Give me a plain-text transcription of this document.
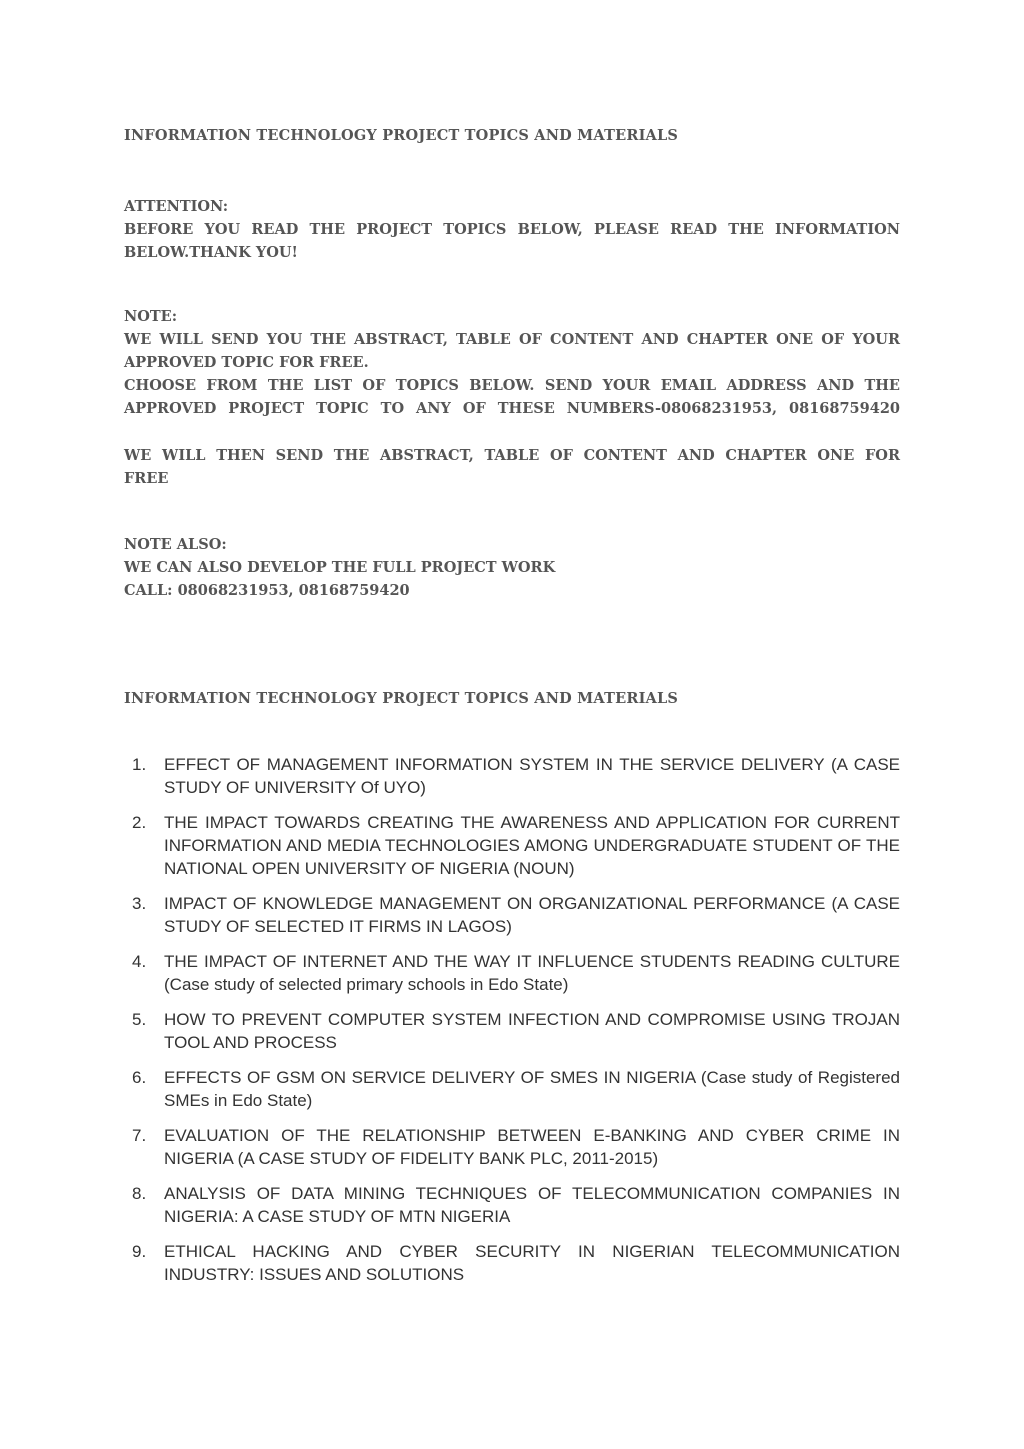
INFORMATION TECHNOLOGY PROJECT TOPICS AND MATERIALS
ATTENTION:
BEFORE YOU READ THE PROJECT TOPICS BELOW, PLEASE READ THE INFORMATION
BELOW.THANK YOU!
NOTE:
WE WILL SEND YOU THE ABSTRACT, TABLE OF CONTENT AND CHAPTER ONE OF YOUR
APPROVED TOPIC FOR FREE.
CHOOSE FROM THE LIST OF TOPICS BELOW. SEND YOUR EMAIL ADDRESS AND THE
APPROVED PROJECT TOPIC TO ANY OF THESE NUMBERS-08068231953, 08168759420
WE WILL THEN SEND THE ABSTRACT, TABLE OF CONTENT AND CHAPTER ONE FOR
FREE
NOTE ALSO:
WE CAN ALSO DEVELOP THE FULL PROJECT WORK
CALL: 08068231953, 08168759420
INFORMATION TECHNOLOGY PROJECT TOPICS AND MATERIALS
1.	EFFECT OF MANAGEMENT INFORMATION SYSTEM IN THE SERVICE DELIVERY (A CASE STUDY OF UNIVERSITY Of UYO)
2.	THE IMPACT TOWARDS CREATING THE AWARENESS AND APPLICATION FOR CURRENT INFORMATION AND MEDIA TECHNOLOGIES AMONG UNDERGRADUATE STUDENT OF THE NATIONAL OPEN UNIVERSITY OF NIGERIA (NOUN)
3.	IMPACT OF KNOWLEDGE MANAGEMENT ON ORGANIZATIONAL PERFORMANCE (A CASE STUDY OF SELECTED IT FIRMS IN LAGOS)
4.	THE IMPACT OF INTERNET AND THE WAY IT INFLUENCE STUDENTS READING CULTURE (Case study of selected primary schools in Edo State)
5.	HOW TO PREVENT COMPUTER SYSTEM INFECTION AND COMPROMISE USING TROJAN TOOL AND PROCESS
6.	EFFECTS OF GSM ON SERVICE DELIVERY OF SMES IN NIGERIA (Case study of Registered SMEs in Edo State)
7.	EVALUATION OF THE RELATIONSHIP BETWEEN E-BANKING AND CYBER CRIME IN NIGERIA (A CASE STUDY OF FIDELITY BANK PLC, 2011-2015)
8.	ANALYSIS OF DATA MINING TECHNIQUES OF TELECOMMUNICATION COMPANIES IN NIGERIA: A CASE STUDY OF MTN NIGERIA
9.	ETHICAL HACKING AND CYBER SECURITY IN NIGERIAN TELECOMMUNICATION INDUSTRY: ISSUES AND SOLUTIONS
